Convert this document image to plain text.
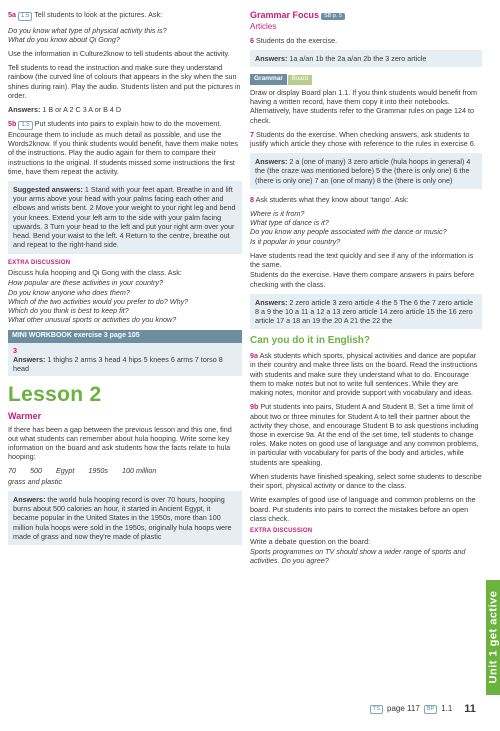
5a 1.5 Tell students to look at the pictures. Ask:

Do you know what type of physical activity this is?
What do you know about Qi Gong?

Use the information in Culture2know to tell students about the activity.

Tell students to read the instruction and make sure they understand rainbow (the curved line of colours that appears in the sky when the sun shines during rain). Play the audio. Students listen and put the pictures in order.

Answers: 1 B or A 2 C 3 A or B 4 D

5b 1.5 Put students into pairs to explain how to do the movement. Encourage them to include as much detail as possible, and use the Words2know. If you think students would benefit, have them make notes of the instructions. Play the audio again for them to compare their instructions to the original. If students missed some instructions the first time, have them repeat the activity.

Suggested answers: 1 Stand with your feet apart. Breathe in and lift your arms above your head with your palms facing each other and elbows and wrists bent. 2 Move your weight to your right leg and bend your knees. Extend your left arm to the side with your palm facing upwards. 3 Turn your head to the left and put your right arm over your head. Bend your waist to the left. 4 Return to the centre, breathe out and repeat to the right-hand side.
EXTRA DISCUSSION

Discuss hula hooping and Qi Gong with the class. Ask:

How popular are these activities in your country?
Do you know anyone who does them?
Which of the two activities would you prefer to do? Why?
Which do you think is best to keep fit?
What other unusual sports or activities do you know?

MINI WORKBOOK exercise 3 page 105
3
Answers: 1 thighs 2 arms 3 head 4 hips 5 knees 6 arms 7 torso 8 head
Lesson 2
Warmer

If there has been a gap between the previous lesson and this one, find out what students can remember about hula hooping. Write some key information on the board and ask students how the facts relate to hula hooping:

70 500 Egypt 1950s 100 million

grass and plastic

Answers: the world hula hooping record is over 70 hours, hooping burns about 500 calories an hour, it started in Ancient Egypt, it became popular in the United States in the 1950s, more than 100 million hula hoops were sold in the 1950s, originally hula hoops were made of grass and now they're made of plastic
Grammar Focus SB p. 5
Articles

6 Students do the exercise.

Answers: 1a a/an 1b the 2a a/an 2b the 3 zero article
Grammar Board

Draw or display Board plan 1.1. If you think students would benefit from having a written record, have them copy it into their notebooks. Alternatively, have students refer to the Grammar rules on page 124 to check.

7 Students do the exercise. When checking answers, ask students to justify which article they chose with reference to the rules in exercise 6.

Answers: 2 a (one of many) 3 zero article (hula hoops in general) 4 the (the craze was mentioned before) 5 the (there is only one) 6 the (there is only one) 7 an (one of many) 8 the (there is only one)

8 Ask students what they know about 'tango'. Ask:

Where is it from?
What type of dance is it?
Do you know any people associated with the dance or music?
Is it popular in your country?

Have students read the text quickly and see if any of the information is the same.

Students do the exercise. Have them compare answers in pairs before checking with the class.

Answers: 2 zero article 3 zero article 4 the 5 The 6 the 7 zero article 8 a 9 the 10 a 11 a 12 a 13 zero article 14 zero article 15 the 16 zero article 17 a 18 an 19 the 20 A 21 the 22 the
Can you do it in English?

9a Ask students which sports, physical activities and dance are popular in their country and make three lists on the board. Read the instructions with students and make sure they understand what to do. Encourage them to make notes but not to write full sentences. While they are making notes, monitor and provide support with vocabulary and ideas.

9b Put students into pairs, Student A and Student B. Set a time limit of about two or three minutes for Student A to tell their partner about the activity they chose, and encourage Student B to ask questions including those in exercise 9a. At the end of the set time, tell students to change roles. Make notes on good use of language and any common problems, in particular with vocabulary for parts of the body and articles, while students are speaking.

When students have finished speaking, select some students to describe their sport, physical activity or dance to the class.

Write examples of good use of language and common problems on the board. Put students into pairs to correct the mistakes before an open class check.

EXTRA DISCUSSION

Write a debate question on the board:

Sports programmes on TV should show a wider range of sports and activities. Do you agree?

Unit 1 get active
TS page 117	BP 1.1 11
